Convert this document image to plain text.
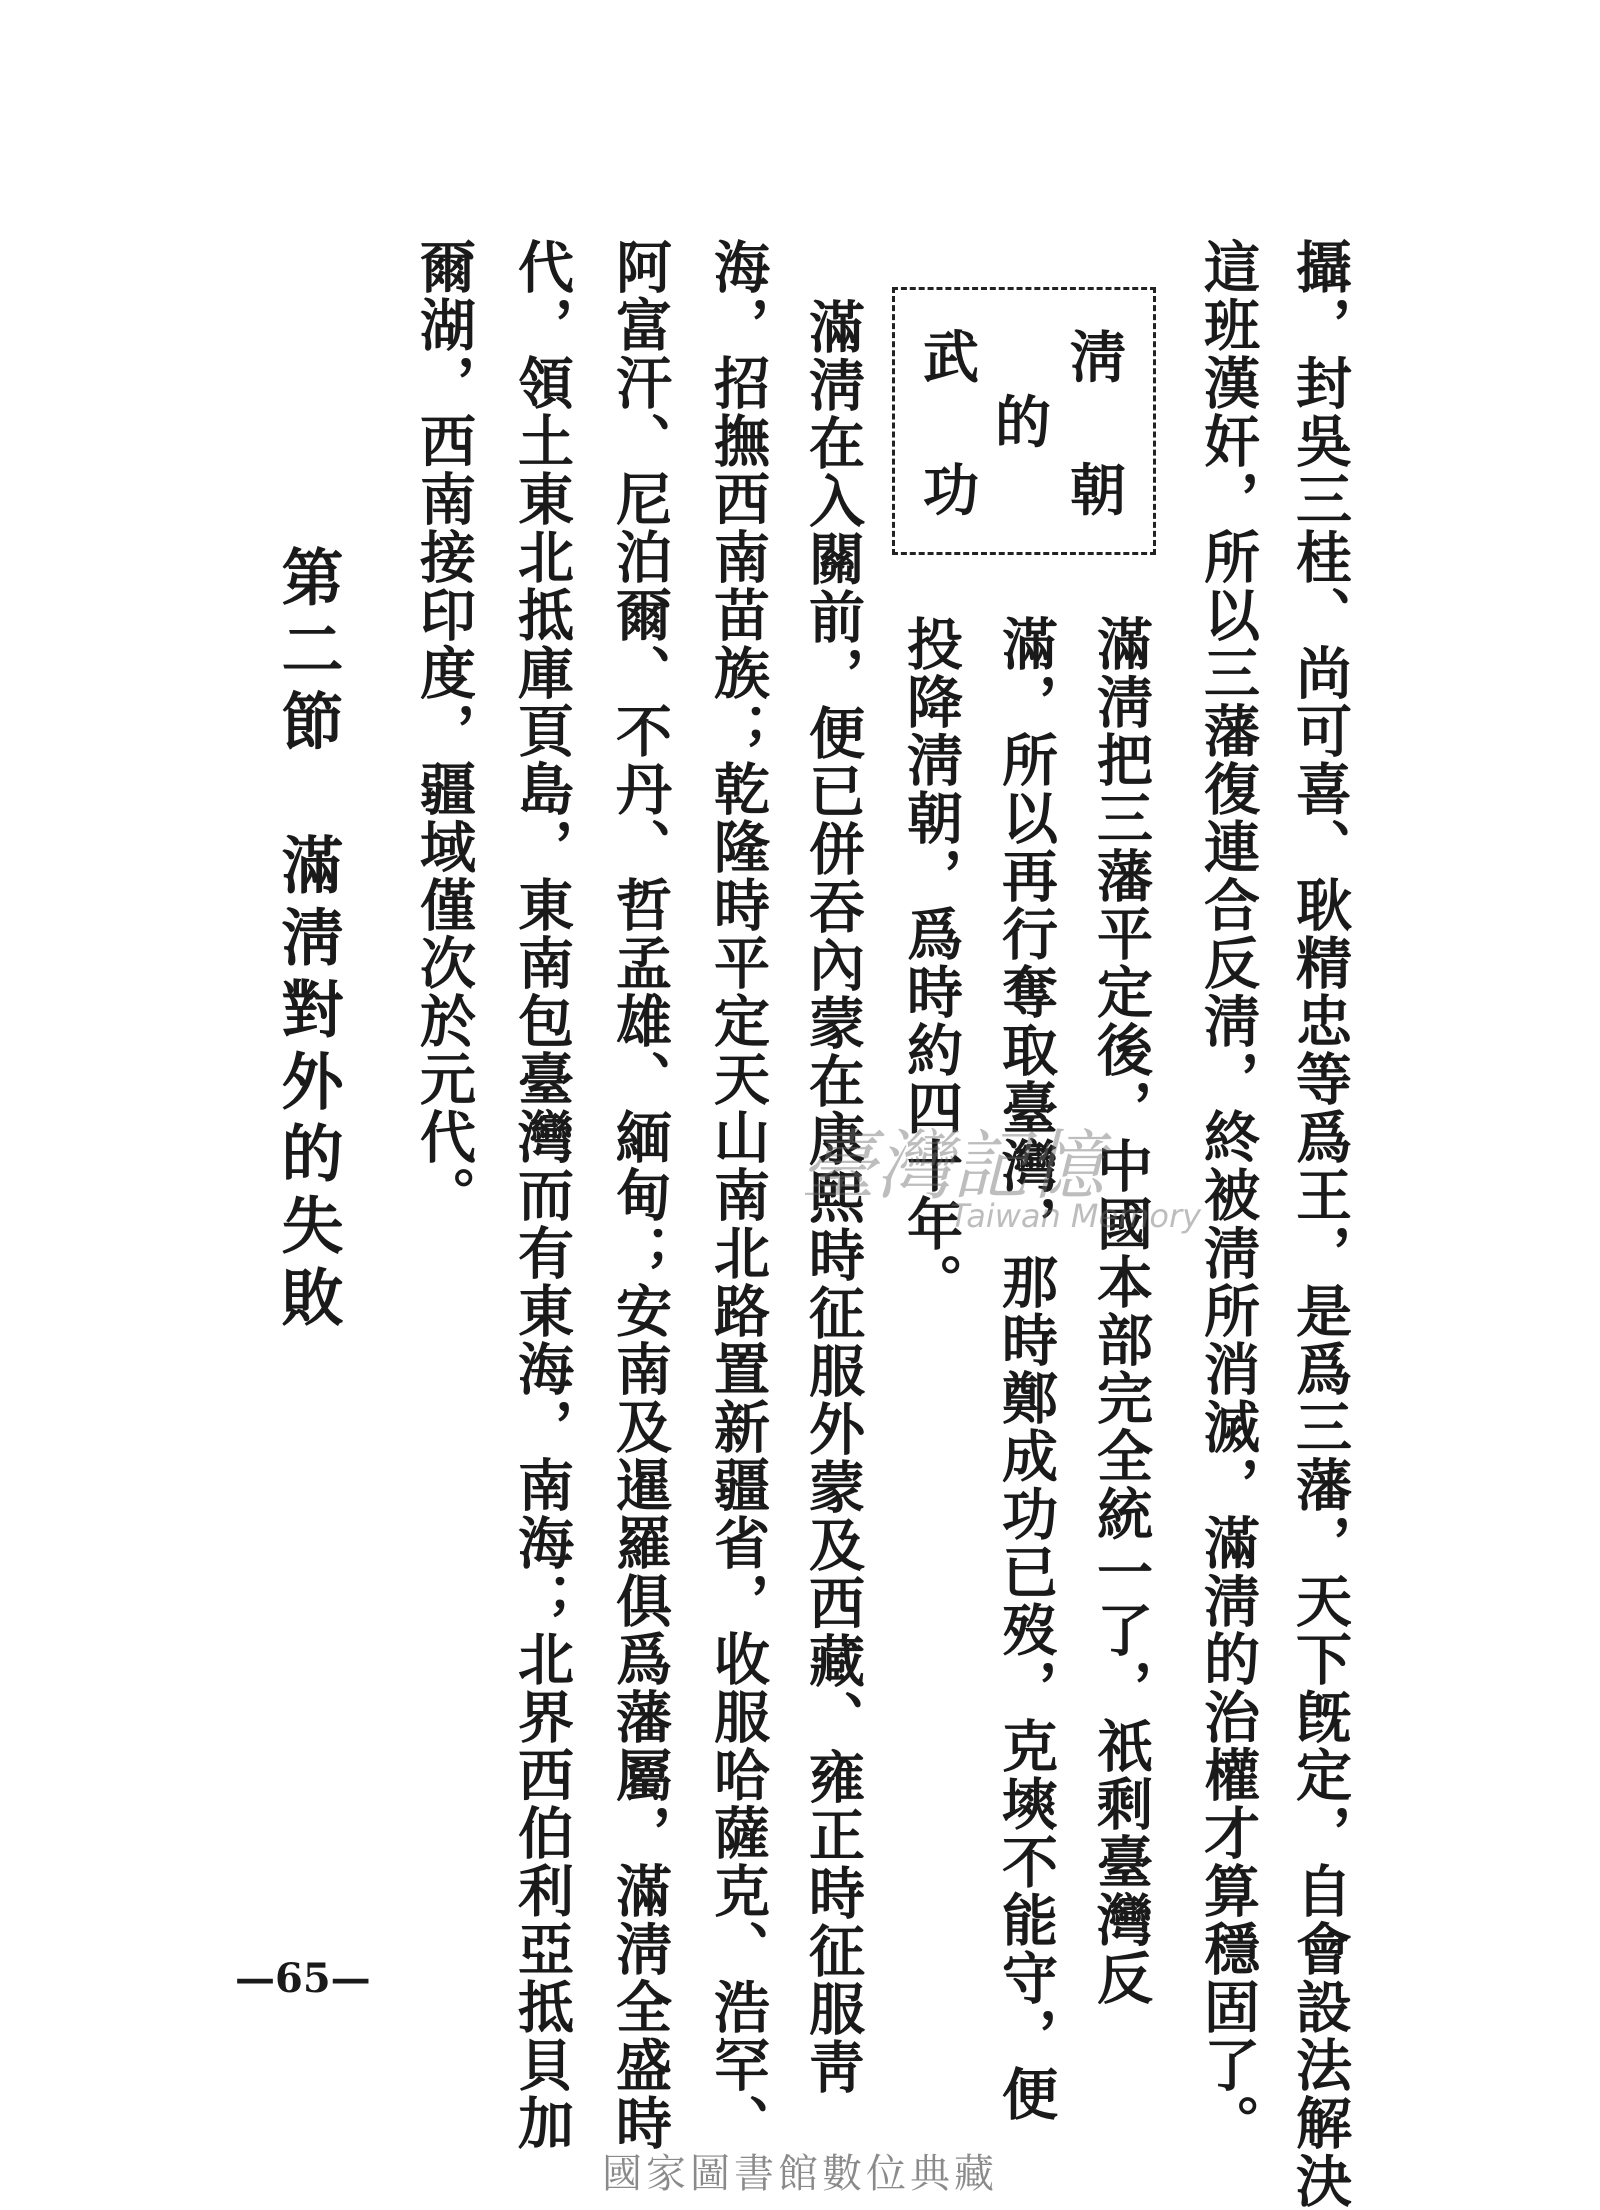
攝，封吳三桂、尚可喜、耿精忠等爲王，是爲三藩，天下旣定，自會設法解決
這班漢奸，所以三藩復連合反淸，終被淸所消滅，滿淸的治權才算穩固了。
淸
朝
的
武
功
滿淸把三藩平定後，中國本部完全統一了，祇剩臺灣反
滿，所以再行奪取臺灣，那時鄭成功已歿，克塽不能守，便
投降淸朝，爲時約四十年。
滿淸在入關前，便已併吞內蒙在康熙時征服外蒙及西藏、雍正時征服靑
海，招撫西南苗族；乾隆時平定天山南北路置新疆省，收服哈薩克、浩罕、
阿富汗、尼泊爾、不丹、哲孟雄、緬甸；安南及暹羅俱爲藩屬，滿淸全盛時
代，領土東北抵庫頁島，東南包臺灣而有東海，南海；北界西伯利亞抵貝加
爾湖，西南接印度，疆域僅次於元代。
第二節　滿淸對外的失敗
—65—
臺灣記憶
Taiwan Memory
國家圖書館數位典藏
